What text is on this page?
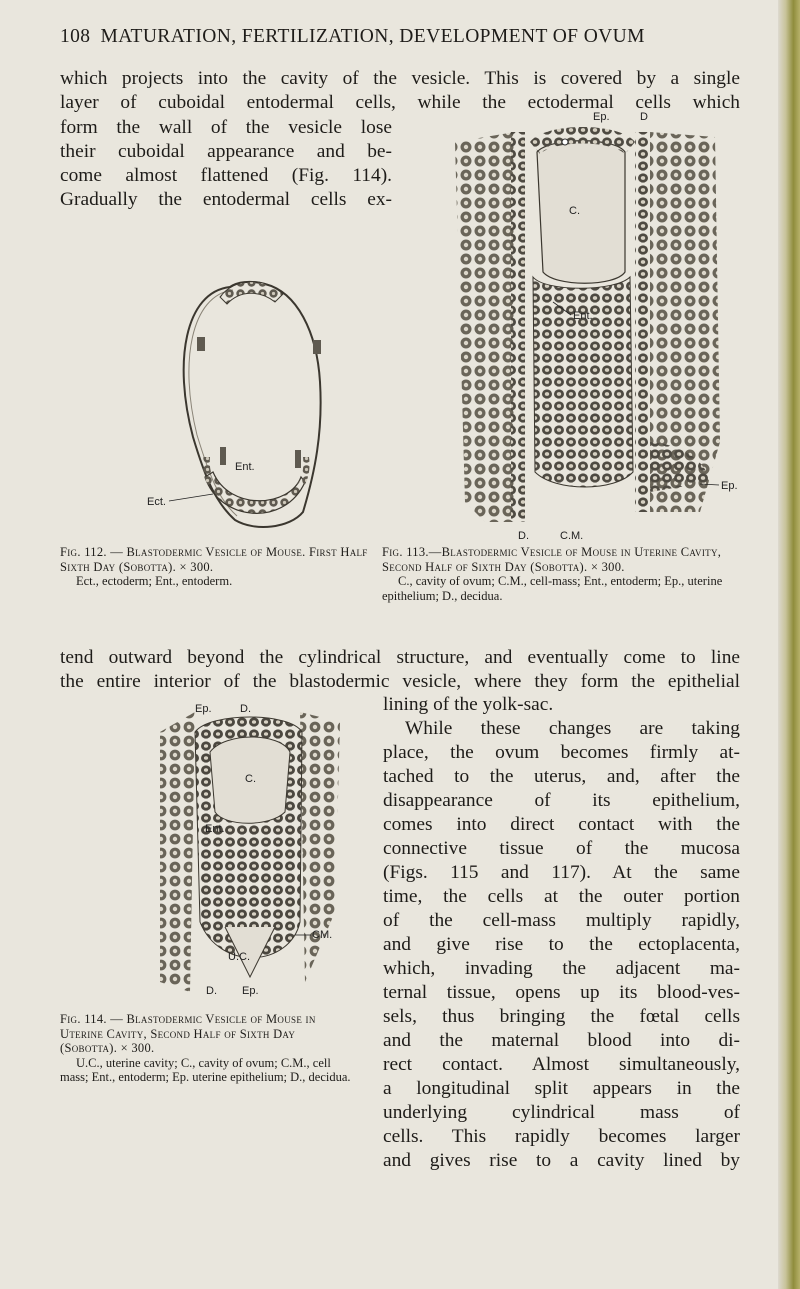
108 MATURATION, FERTILIZATION, DEVELOPMENT OF OVUM
which projects into the cavity of the vesicle. This is covered by a single
layer of cuboidal entodermal cells, while the ectodermal cells which
form the wall of the vesicle lose
their cuboidal appearance and be-
come almost flattened (Fig. 114).
Gradually the entodermal cells ex-
Ent.
Ect.
Ep.	D
C.
Ent.
D.	C.M.
Ep.
Fig. 112. — Blastodermic Vesicle of Mouse. First Half Sixth Day (Sobotta). × 300.
Ect., ectoderm; Ent., entoderm.
Fig. 113.—Blastodermic Vesicle of Mouse in Uterine Cavity, Second Half of Sixth Day (Sobotta). × 300.
C., cavity of ovum; C.M., cell-mass; Ent., entoderm; Ep., uterine epithelium; D., decidua.
tend outward beyond the cylindrical structure, and eventually come to line
the entire interior of the blastodermic vesicle, where they form the epithelial
Ep.	D.
C.
Ent.
CM.
U.C.
D. Ep.
Fig. 114. — Blastodermic Vesicle of Mouse in Uterine Cavity, Second Half of Sixth Day (Sobotta). × 300.
U.C., uterine cavity; C., cavity of ovum; C.M., cell mass; Ent., entoderm; Ep. uterine epithelium; D., decidua.
lining of the yolk-sac.
While these changes are taking
place, the ovum becomes firmly at-
tached to the uterus, and, after the
disappearance of its epithelium,
comes into direct contact with the
connective tissue of the mucosa
(Figs. 115 and 117). At the same
time, the cells at the outer portion
of the cell-mass multiply rapidly,
and give rise to the ectoplacenta,
which, invading the adjacent ma-
ternal tissue, opens up its blood-ves-
sels, thus bringing the fœtal cells
and the maternal blood into di-
rect contact. Almost simultaneously,
a longitudinal split appears in the
underlying cylindrical mass of
cells. This rapidly becomes larger
and gives rise to a cavity lined by
